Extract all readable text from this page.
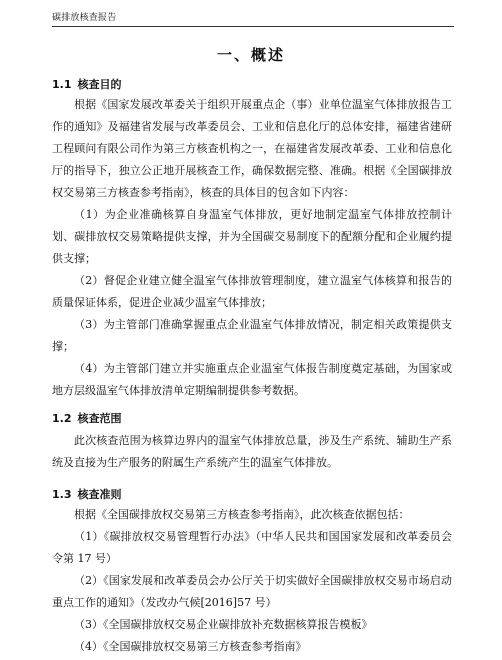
碳排放核查报告
一、概述
1.1 核查目的

根据《国家发展改革委关于组织开展重点企（事）业单位温室气体排放报告工作的通知》及福建省发展与改革委员会、工业和信息化厅的总体安排，福建省建研工程顾问有限公司作为第三方核查机构之一，在福建省发展改革委、工业和信息化厅的指导下，独立公正地开展核查工作，确保数据完整、准确。根据《全国碳排放权交易第三方核查参考指南》，核查的具体目的包含如下内容：

（1）为企业准确核算自身温室气体排放，更好地制定温室气体排放控制计划、碳排放权交易策略提供支撑，并为全国碳交易制度下的配额分配和企业履约提供支撑；

（2）督促企业建立健全温室气体排放管理制度，建立温室气体核算和报告的质量保证体系，促进企业减少温室气体排放；

（3）为主管部门准确掌握重点企业温室气体排放情况，制定相关政策提供支撑；

（4）为主管部门建立并实施重点企业温室气体报告制度奠定基础，为国家或地方层级温室气体排放清单定期编制提供参考数据。

1.2 核查范围

此次核查范围为核算边界内的温室气体排放总量，涉及生产系统、辅助生产系统及直接为生产服务的附属生产系统产生的温室气体排放。

1.3 核查准则

根据《全国碳排放权交易第三方核查参考指南》，此次核查依据包括：

（1）《碳排放权交易管理暂行办法》（中华人民共和国国家发展和改革委员会令第 17 号）

（2）《国家发展和改革委员会办公厅关于切实做好全国碳排放权交易市场启动重点工作的通知》（发改办气候[2016]57 号）

（3）《全国碳排放权交易企业碳排放补充数据核算报告模板》

（4）《全国碳排放权交易第三方核查参考指南》
